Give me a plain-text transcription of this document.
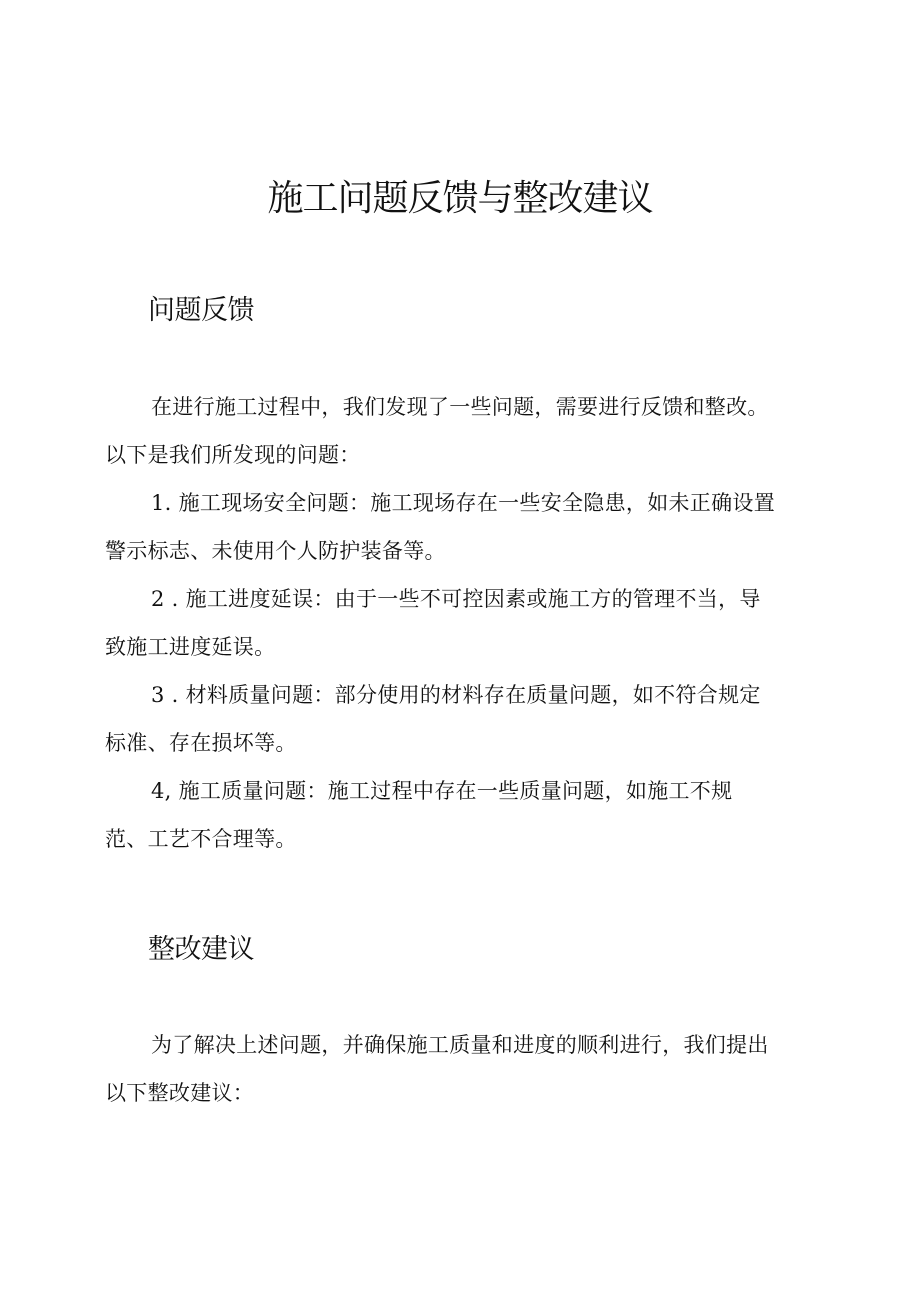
施工问题反馈与整改建议
问题反馈

在进行施工过程中，我们发现了一些问题，需要进行反馈和整改。
以下是我们所发现的问题：

1. 施工现场安全问题：施工现场存在一些安全隐患，如未正确设置
警示标志、未使用个人防护装备等。

2 . 施工进度延误：由于一些不可控因素或施工方的管理不当，导
致施工进度延误。

3 . 材料质量问题：部分使用的材料存在质量问题，如不符合规定
标准、存在损坏等。

4, 施工质量问题：施工过程中存在一些质量问题，如施工不规
范、工艺不合理等。

整改建议

为了解决上述问题，并确保施工质量和进度的顺利进行，我们提出
以下整改建议：
